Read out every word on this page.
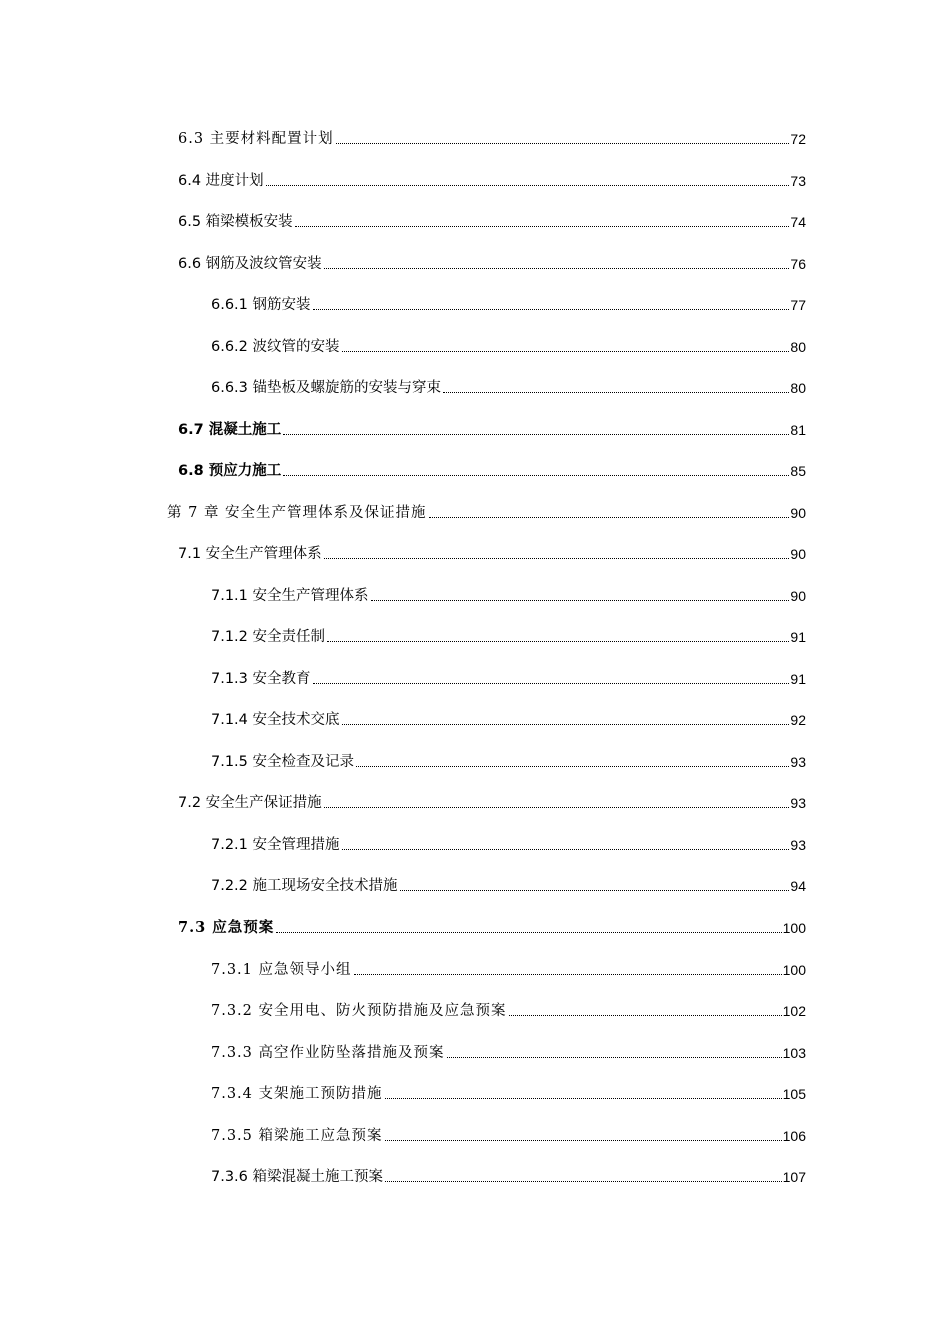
6.3 主要材料配置计划	72
6.4 进度计划	73
6.5 箱梁模板安装	74
6.6 钢筋及波纹管安装	76
6.6.1 钢筋安装	77
6.6.2 波纹管的安装	80
6.6.3 锚垫板及螺旋筋的安装与穿束	80
6.7 混凝土施工	81
6.8 预应力施工	85
第 7 章 安全生产管理体系及保证措施	90
7.1 安全生产管理体系	90
7.1.1 安全生产管理体系	90
7.1.2 安全责任制	91
7.1.3 安全教育	91
7.1.4 安全技术交底	92
7.1.5 安全检查及记录	93
7.2 安全生产保证措施	93
7.2.1 安全管理措施	93
7.2.2 施工现场安全技术措施	94
7.3 应急预案	100
7.3.1 应急领导小组	100
7.3.2 安全用电、防火预防措施及应急预案	102
7.3.3 高空作业防坠落措施及预案	103
7.3.4 支架施工预防措施	105
7.3.5 箱梁施工应急预案	106
7.3.6 箱梁混凝土施工预案	107
